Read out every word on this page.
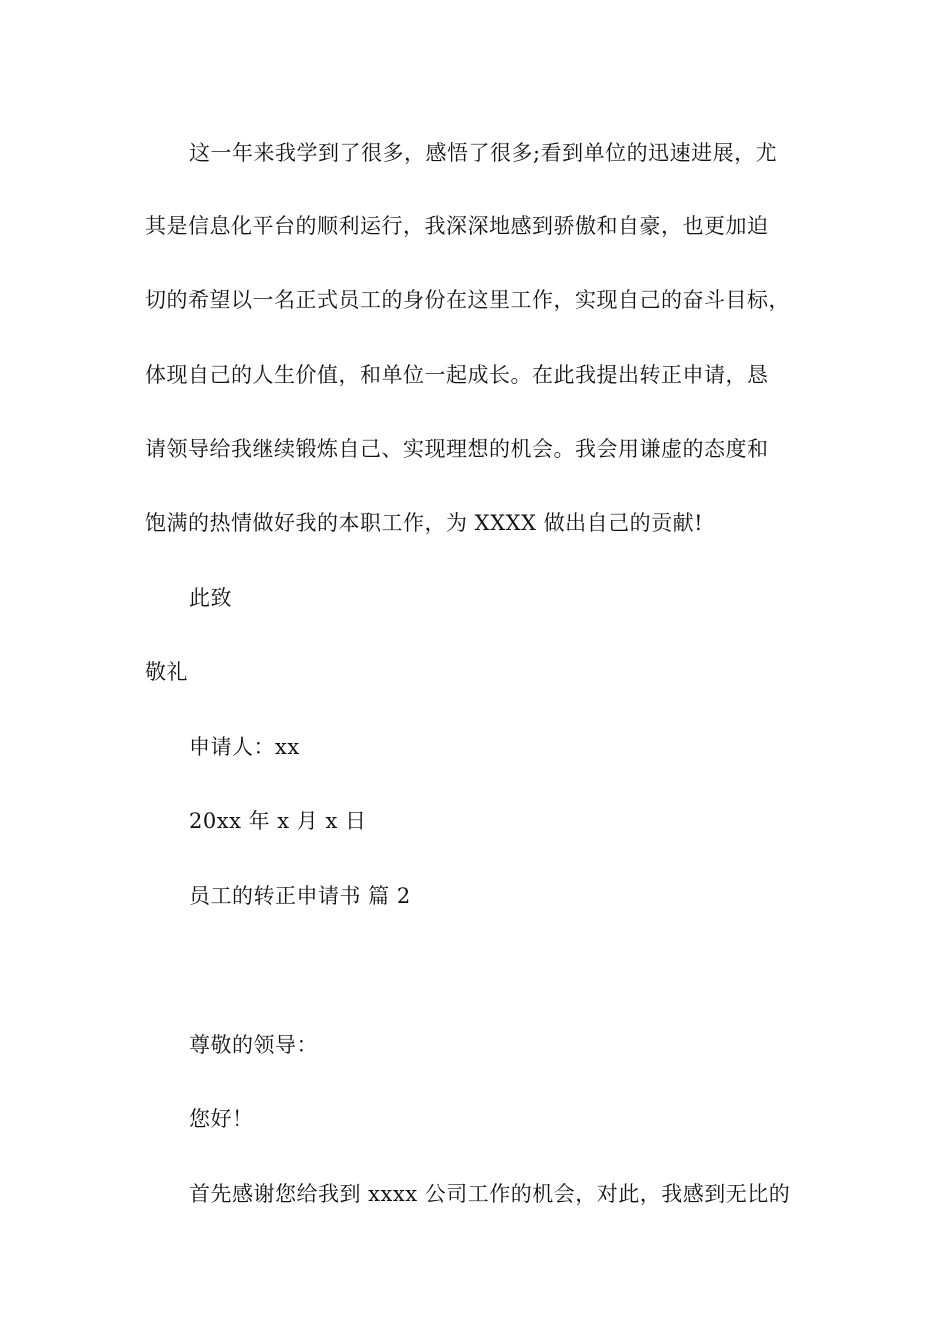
这一年来我学到了很多，感悟了很多;看到单位的迅速进展，尤
其是信息化平台的顺利运行，我深深地感到骄傲和自豪，也更加迫
切的希望以一名正式员工的身份在这里工作，实现自己的奋斗目标，
体现自己的人生价值，和单位一起成长。在此我提出转正申请，恳
请领导给我继续锻炼自己、实现理想的机会。我会用谦虚的态度和
饱满的热情做好我的本职工作，为 XXXX 做出自己的贡献!
此致
敬礼
申请人：xx
20xx 年 x 月 x 日
员工的转正申请书 篇 2
尊敬的领导：
您好！
首先感谢您给我到 xxxx 公司工作的机会，对此，我感到无比的
